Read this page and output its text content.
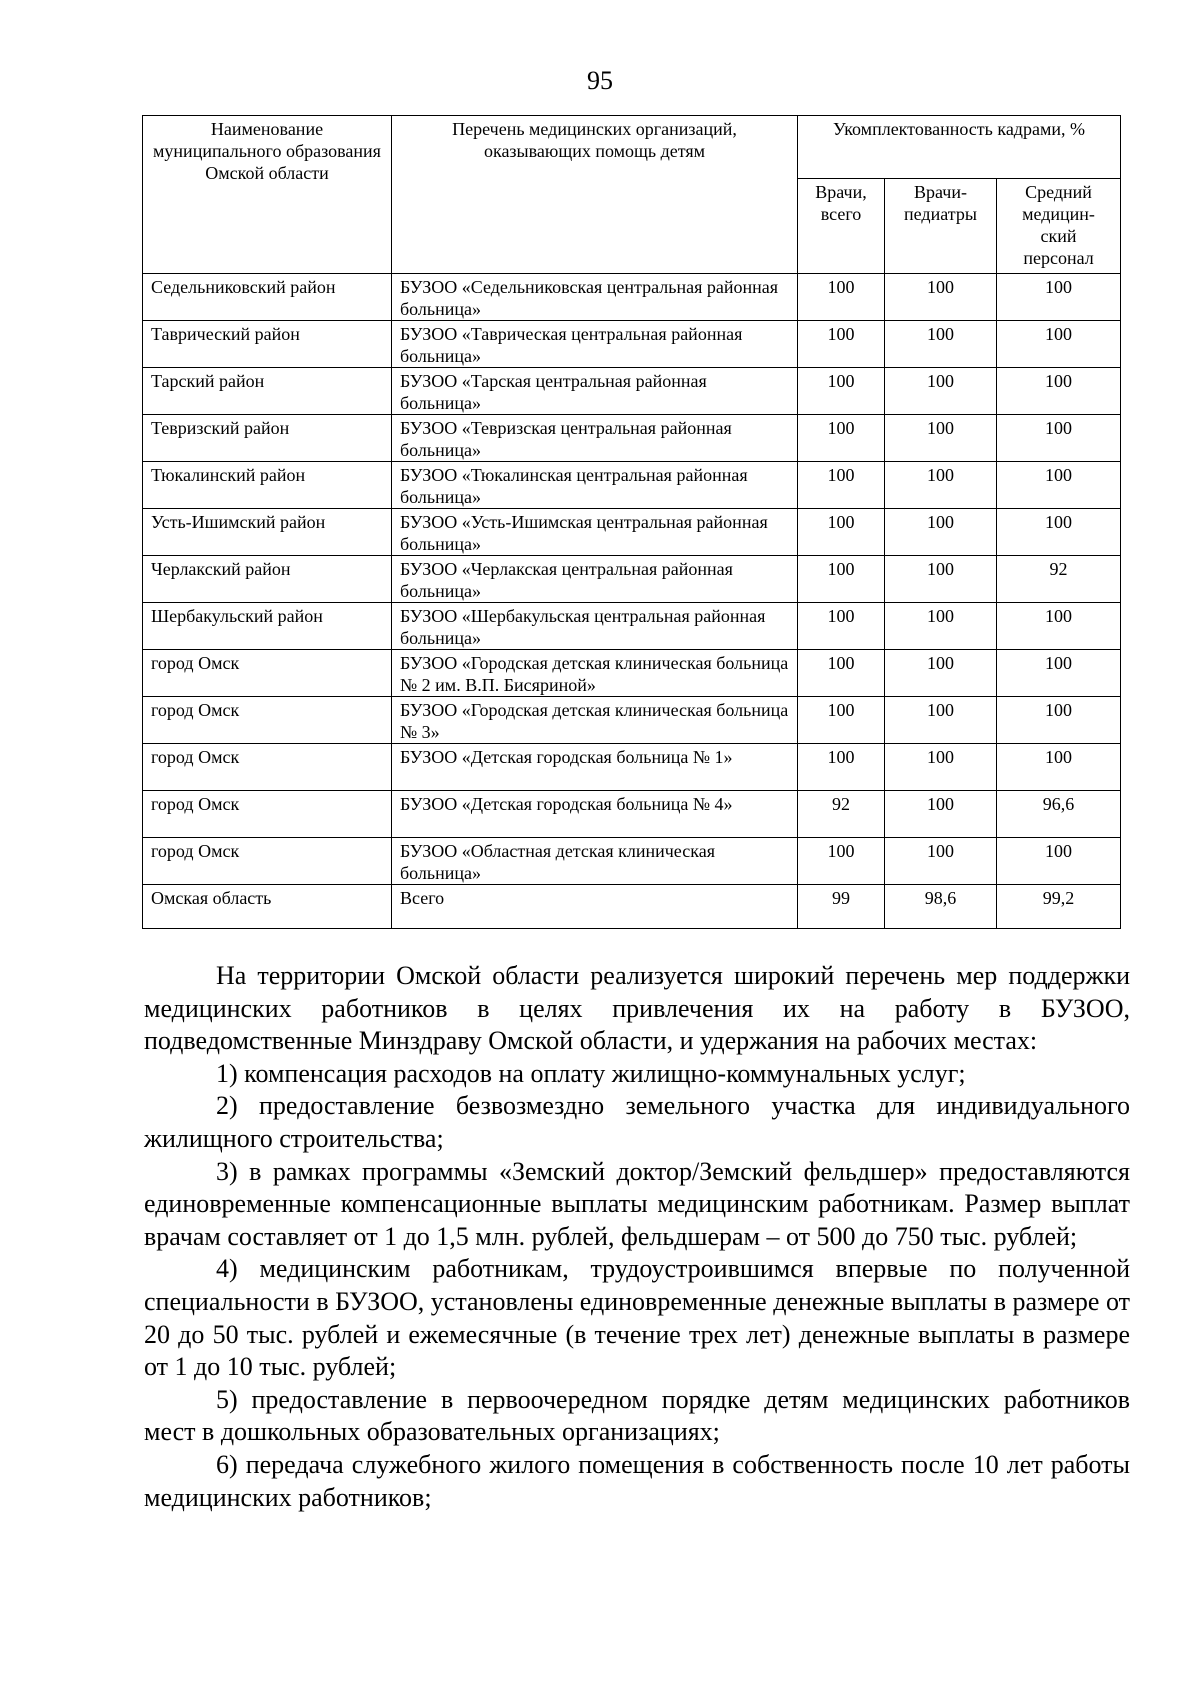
95
Наименование муниципального образования Омской области	Перечень медицинских организаций, оказывающих помощь детям	Укомплектованность кадрами, %		
		Врачи, всего	Врачи-педиатры	Средний медицин-ский персонал
Седельниковский район	БУЗОО «Седельниковская центральная районная больница»	100	100	100
Таврический район	БУЗОО «Таврическая центральная районная больница»	100	100	100
Тарский район	БУЗОО «Тарская центральная районная больница»	100	100	100
Тевризский район	БУЗОО «Тевризская центральная районная больница»	100	100	100
Тюкалинский район	БУЗОО «Тюкалинская центральная районная больница»	100	100	100
Усть-Ишимский район	БУЗОО «Усть-Ишимская центральная районная больница»	100	100	100
Черлакский район	БУЗОО «Черлакская центральная районная больница»	100	100	92
Шербакульский район	БУЗОО «Шербакульская центральная районная больница»	100	100	100
город Омск	БУЗОО «Городская детская клиническая больница № 2 им. В.П. Бисяриной»	100	100	100
город Омск	БУЗОО «Городская детская клиническая больница № 3»	100	100	100
город Омск	БУЗОО «Детская городская больница № 1»	100	100	100
город Омск	БУЗОО «Детская городская больница № 4»	92	100	96,6
город Омск	БУЗОО «Областная детская клиническая больница»	100	100	100
Омская область	Всего	99	98,6	99,2

На территории Омской области реализуется широкий перечень мер поддержки медицинских работников в целях привлечения их на работу в БУЗОО, подведомственные Минздраву Омской области, и удержания на рабочих местах:

1) компенсация расходов на оплату жилищно-коммунальных услуг;

2) предоставление безвозмездно земельного участка для индивидуального жилищного строительства;

3) в рамках программы «Земский доктор/Земский фельдшер» предоставляются единовременные компенсационные выплаты медицинским работникам. Размер выплат врачам составляет от 1 до 1,5 млн. рублей, фельдшерам – от 500 до 750 тыс. рублей;

4) медицинским работникам, трудоустроившимся впервые по полученной специальности в БУЗОО, установлены единовременные денежные выплаты в размере от 20 до 50 тыс. рублей и ежемесячные (в течение трех лет) денежные выплаты в размере от 1 до 10 тыс. рублей;

5) предоставление в первоочередном порядке детям медицинских работников мест в дошкольных образовательных организациях;

6) передача служебного жилого помещения в собственность после 10 лет работы медицинских работников;
